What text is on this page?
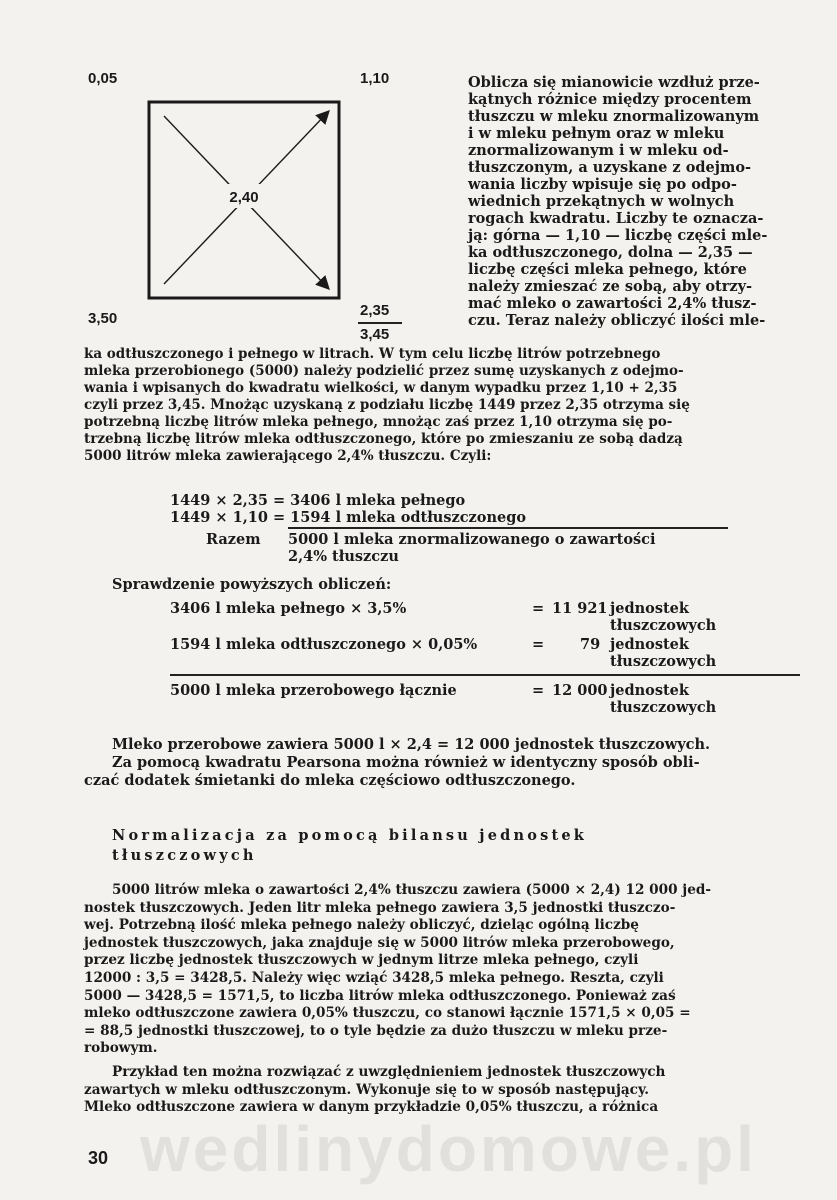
0,05	1,10
3,50	2,35
3,45
2,40
Oblicza się mianowicie wzdłuż prze-
kątnych różnice między procentem
tłuszczu w mleku znormalizowanym
i w mleku pełnym oraz w mleku
znormalizowanym i w mleku od-
tłuszczonym, a uzyskane z odejmo-
wania liczby wpisuje się po odpo-
wiednich przekątnych w wolnych
rogach kwadratu. Liczby te oznacza-
ją: górna — 1,10 — liczbę części mle-
ka odtłuszczonego, dolna — 2,35 —
liczbę części mleka pełnego, które
należy zmieszać ze sobą, aby otrzy-
mać mleko o zawartości 2,4% tłusz-
czu. Teraz należy obliczyć ilości mle-
ka odtłuszczonego i pełnego w litrach. W tym celu liczbę litrów potrzebnego
mleka przerobionego (5000) należy podzielić przez sumę uzyskanych z odejmo-
wania i wpisanych do kwadratu wielkości, w danym wypadku przez 1,10 + 2,35
czyli przez 3,45. Mnożąc uzyskaną z podziału liczbę 1449 przez 2,35 otrzyma się
potrzebną liczbę litrów mleka pełnego, mnożąc zaś przez 1,10 otrzyma się po-
trzebną liczbę litrów mleka odtłuszczonego, które po zmieszaniu ze sobą dadzą
5000 litrów mleka zawierającego 2,4% tłuszczu. Czyli:
1449 × 2,35 = 3406 l mleka pełnego
1449 × 1,10 = 1594 l mleka odtłuszczonego
Razem 5000 l mleka znormalizowanego o zawartości
2,4% tłuszczu
Sprawdzenie powyższych obliczeń:
3406 l mleka pełnego × 3,5%	= 11 921 jednostek
tłuszczowych
1594 l mleka odtłuszczonego × 0,05%	= 79 jednostek
tłuszczowych
5000 l mleka przerobowego łącznie	= 12 000 jednostek
tłuszczowych
Mleko przerobowe zawiera 5000 l × 2,4 = 12 000 jednostek tłuszczowych.
Za pomocą kwadratu Pearsona można również w identyczny sposób obli-
czać dodatek śmietanki do mleka częściowo odtłuszczonego.
Normalizacja za pomocą bilansu jednostek
tłuszczowych
5000 litrów mleka o zawartości 2,4% tłuszczu zawiera (5000 × 2,4) 12 000 jed-
nostek tłuszczowych. Jeden litr mleka pełnego zawiera 3,5 jednostki tłuszczo-
wej. Potrzebną ilość mleka pełnego należy obliczyć, dzieląc ogólną liczbę
jednostek tłuszczowych, jaka znajduje się w 5000 litrów mleka przerobowego,
przez liczbę jednostek tłuszczowych w jednym litrze mleka pełnego, czyli
12000 : 3,5 = 3428,5. Należy więc wziąć 3428,5 mleka pełnego. Reszta, czyli
5000 — 3428,5 = 1571,5, to liczba litrów mleka odtłuszczonego. Ponieważ zaś
mleko odtłuszczone zawiera 0,05% tłuszczu, co stanowi łącznie 1571,5 × 0,05 =
= 88,5 jednostki tłuszczowej, to o tyle będzie za dużo tłuszczu w mleku prze-
robowym.
Przykład ten można rozwiązać z uwzględnieniem jednostek tłuszczowych
zawartych w mleku odtłuszczonym. Wykonuje się to w sposób następujący.
Mleko odtłuszczone zawiera w danym przykładzie 0,05% tłuszczu, a różnica
wedlinydomowe.pl
30
